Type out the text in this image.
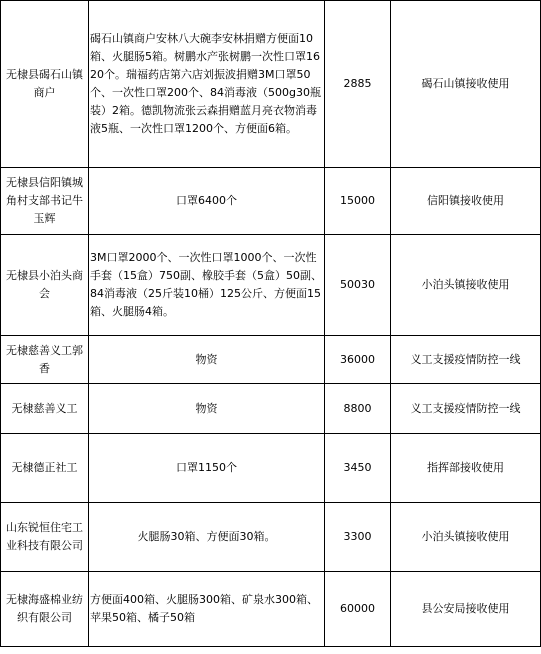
无棣县碣石山镇商户	碣石山镇商户安林八大碗李安林捐赠方便面10箱、火腿肠5箱。树鹏水产张树鹏一次性口罩1620个。瑞福药店第六店刘振波捐赠3M口罩50个、一次性口罩200个、84消毒液（500g30瓶装）2箱。德凯物流张云森捐赠蓝月亮衣物消毒液5瓶、一次性口罩1200个、方便面6箱。	2885	碣石山镇接收使用
无棣县信阳镇城角村支部书记牛玉辉	口罩6400个	15000	信阳镇接收使用
无棣县小泊头商会	3M口罩2000个、一次性口罩1000个、一次性手套（15盒）750副、橡胶手套（5盒）50副、84消毒液（25斤装10桶）125公斤、方便面15箱、火腿肠4箱。	50030	小泊头镇接收使用
无棣慈善义工郭香	物资	36000	义工支援疫情防控一线
无棣慈善义工	物资	8800	义工支援疫情防控一线
无棣德正社工	口罩1150个	3450	指挥部接收使用
山东锐恒住宅工业科技有限公司	火腿肠30箱、方便面30箱。	3300	小泊头镇接收使用
无棣海盛棉业纺织有限公司	方便面400箱、火腿肠300箱、矿泉水300箱、苹果50箱、橘子50箱	60000	县公安局接收使用
